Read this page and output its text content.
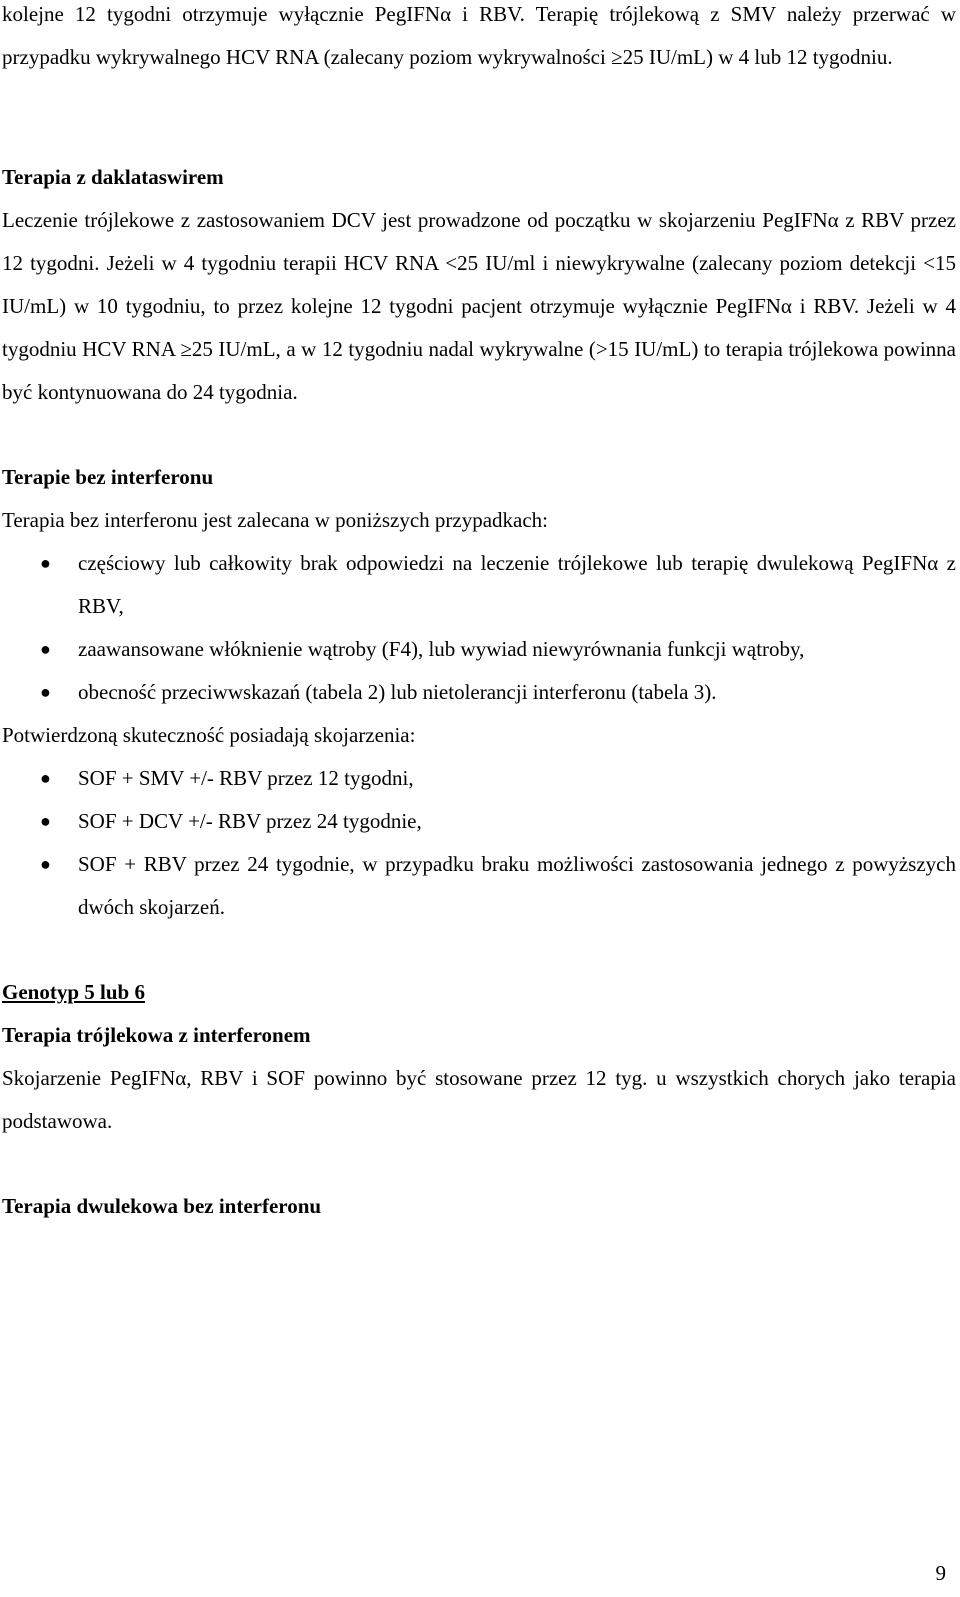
kolejne 12 tygodni otrzymuje wyłącznie PegIFNα i RBV. Terapię trójlekową z SMV należy przerwać w przypadku wykrywalnego HCV RNA (zalecany poziom wykrywalności ≥25 IU/mL) w 4 lub 12 tygodniu.

Terapia z daklataswirem

Leczenie trójlekowe z zastosowaniem DCV jest prowadzone od początku w skojarzeniu PegIFNα z RBV przez 12 tygodni. Jeżeli w 4 tygodniu terapii HCV RNA <25 IU/ml i niewykrywalne (zalecany poziom detekcji <15 IU/mL) w 10 tygodniu, to przez kolejne 12 tygodni pacjent otrzymuje wyłącznie PegIFNα i RBV. Jeżeli w 4 tygodniu HCV RNA ≥25 IU/mL, a w 12 tygodniu nadal wykrywalne (>15 IU/mL) to terapia trójlekowa powinna być kontynuowana do 24 tygodnia.

Terapie bez interferonu

Terapia bez interferonu jest zalecana w poniższych przypadkach:

● częściowy lub całkowity brak odpowiedzi na leczenie trójlekowe lub terapię dwulekową PegIFNα z RBV,
● zaawansowane włóknienie wątroby (F4), lub wywiad niewyrównania funkcji wątroby,
● obecność przeciwwskazań (tabela 2) lub nietolerancji interferonu (tabela 3).

Potwierdzoną skuteczność posiadają skojarzenia:

● SOF + SMV +/- RBV przez 12 tygodni,
● SOF + DCV +/- RBV przez 24 tygodnie,
● SOF + RBV przez 24 tygodnie, w przypadku braku możliwości zastosowania jednego z powyższych dwóch skojarzeń.
Genotyp 5 lub 6
Terapia trójlekowa z interferonem

Skojarzenie PegIFNα, RBV i SOF powinno być stosowane przez 12 tyg. u wszystkich chorych jako terapia podstawowa.

Terapia dwulekowa bez interferonu
9
